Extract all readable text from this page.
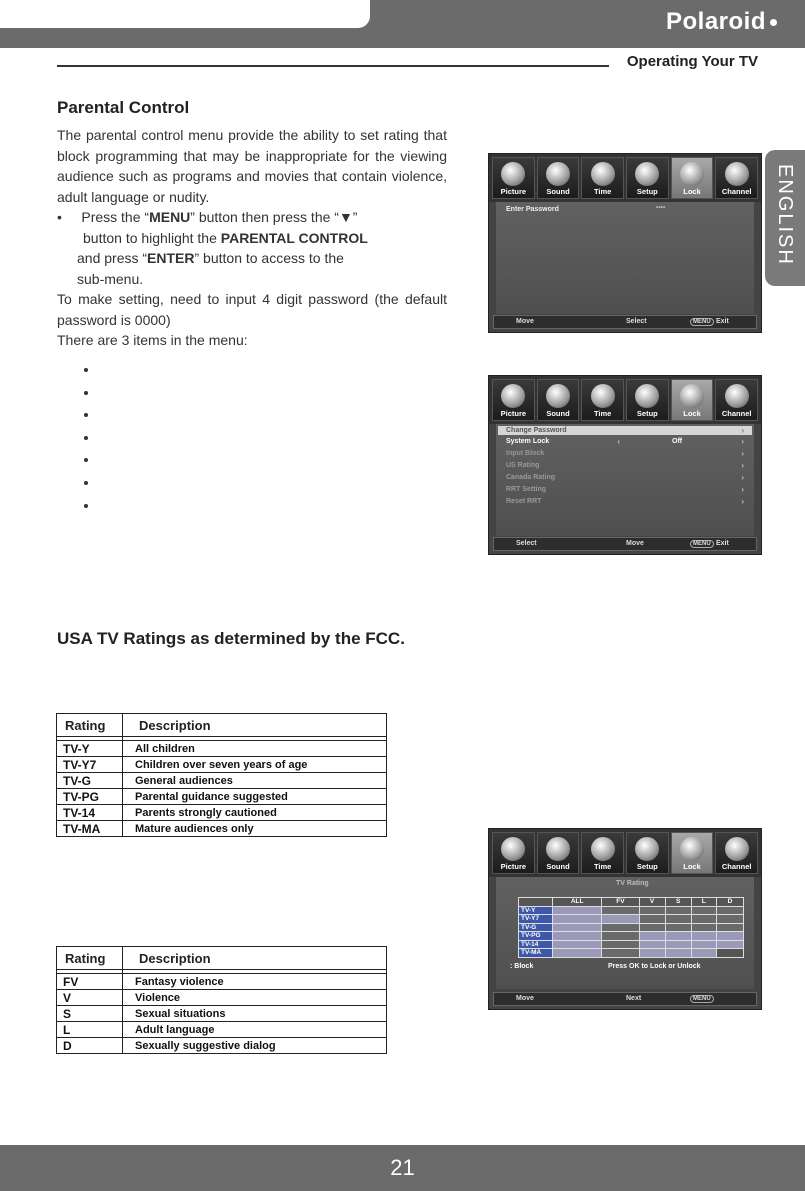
Polaroid
Operating Your TV
ENGLISH
Parental Control

The parental control menu provide the ability to set rating that block programming that may be inappropriate for the viewing audience such as programs and movies that contain violence, adult language or nudity.

• Press the “MENU” button then press the “▼”

button to highlight the PARENTAL CONTROL

and press “ENTER” button to access to the

sub-menu.

To make setting, need to input 4 digit password (the default password is 0000)

There are 3 items in the menu:

USA TV Ratings as determined by the FCC.
Rating	Description
TV-Y	All children
TV-Y7	Children over seven years of age
TV-G	General audiences
TV-PG	Parental guidance suggested
TV-14	Parents strongly cautioned
TV-MA	Mature audiences only
Rating	Description
FV	Fantasy violence
V	Violence
S	Sexual situations
L	Adult language
D	Sexually suggestive dialog
Picture	Sound	Time	Setup	Lock	Channel
Enter Password	----
Move	Select	MENU Exit
Picture	Sound	Time	Setup	Lock	Channel
Change Password	›
System Lock	‹	Off	›
Input Block	›
US Rating	›
Canada Rating	›
RRT Setting	›
Reset RRT	›
Select	Move	MENU Exit
Picture	Sound	Time	Setup	Lock	Channel
TV Rating
	ALL	FV	V	S	L	D
TV-Y						
TV-Y7						
TV-G						
TV-PG						
TV-14						
TV-MA						
: Block	Press OK to Lock or Unlock
Move	Next	MENU
21
